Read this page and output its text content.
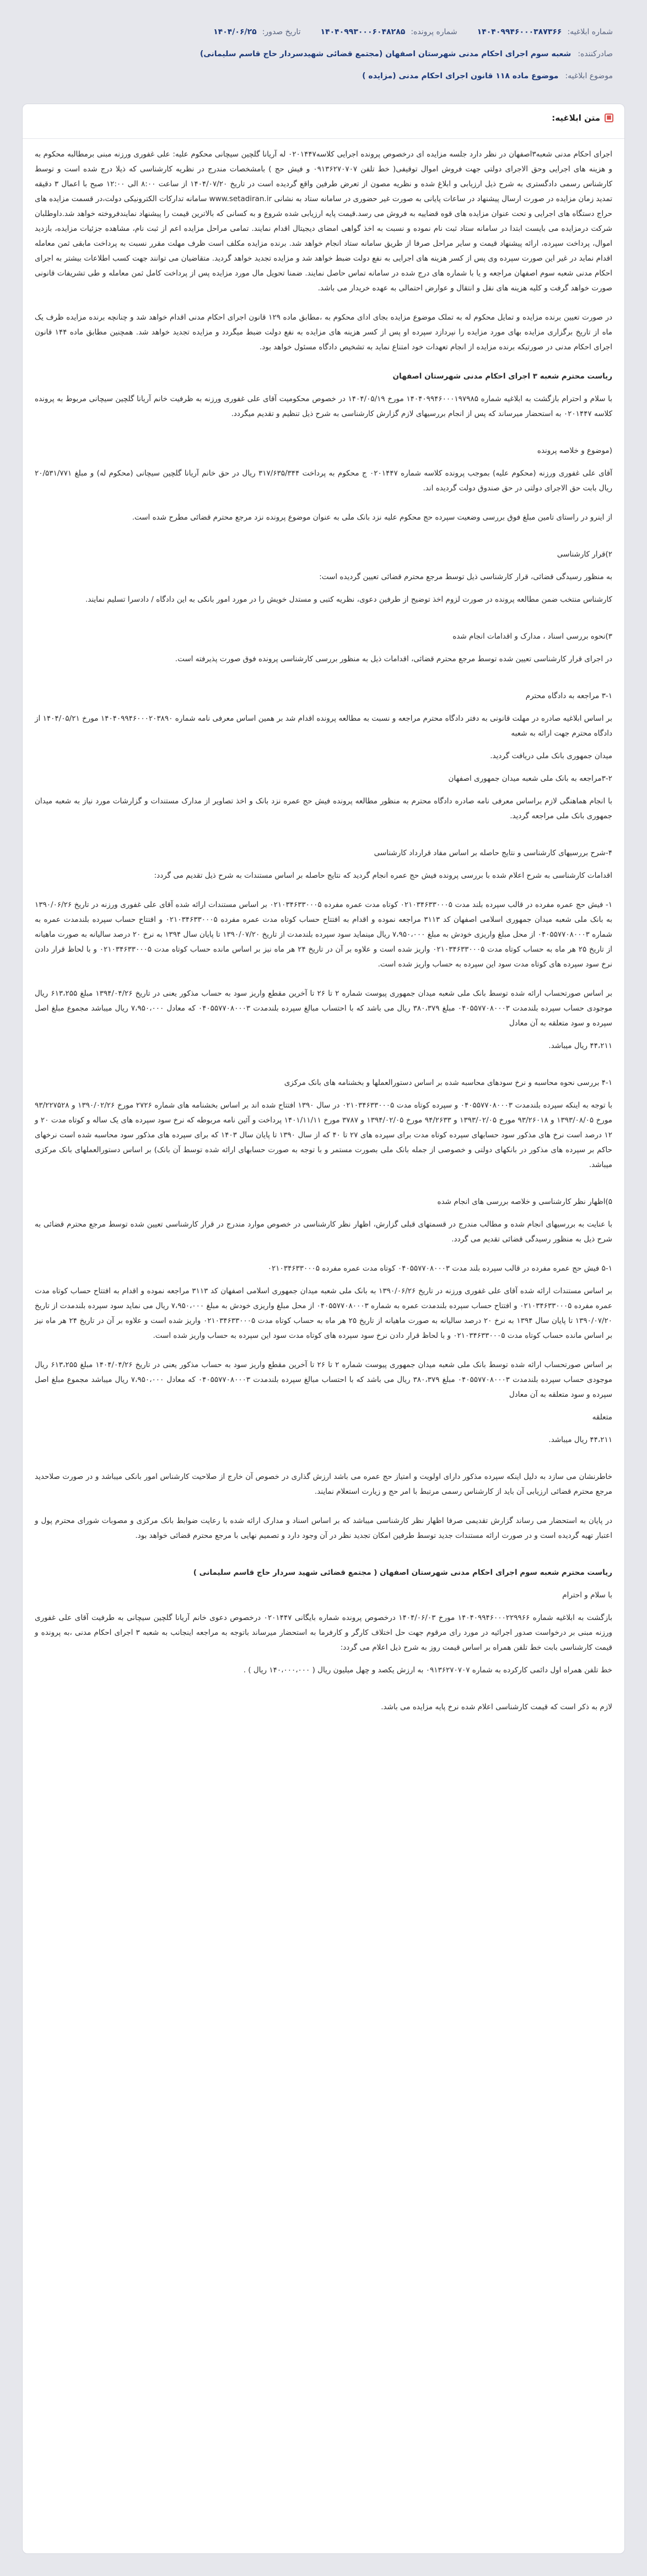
شماره ابلاغیه:
۱۴۰۴۰۹۹۴۶۰۰۰۳۸۷۳۶۶
شماره پرونده:
۱۴۰۴۰۹۹۳۰۰۰۶۰۴۸۲۸۵
تاریخ صدور:
۱۴۰۴/۰۶/۲۵
صادرکننده:
شعبه سوم اجرای احکام مدنی شهرستان اصفهان (مجتمع قضائی شهیدسردار حاج قاسم سلیمانی)
موضوع ابلاغیه:
موضوع ماده ۱۱۸ قانون اجرای احکام مدنی (مزایده )
■
متن ابلاغیه:

اجرای احکام مدنی شعبه۳اصفهان در نظر دارد جلسه مزایده ای درخصوص پرونده اجرایی کلاسه۰۲۰۱۴۴۷ له آریانا گلچین سیچانی محکوم علیه: علی غفوری ورزنه مبنی برمطالبه محکوم به و هزینه های اجرایی وحق الاجرای دولتی جهت فروش اموال توقیفی( خط تلفن ۰۹۱۳۶۲۷۰۷۰۷ و فیش حج ) بامشخصات مندرج در نظریه کارشناسی که ذیلا درج شده است و توسط کارشناس رسمی دادگستری به شرح ذیل ارزیابی و ابلاغ شده و نظریه مصون از تعرض طرفین واقع گردیده است در تاریخ ۱۴۰۴/۰۷/۲۰ از ساعت ۸:۰۰ الی ۱۲:۰۰ صبح با اعمال ۳ دقیقه تمدید زمان مزایده در صورت ارسال پیشنهاد در ساعات پایانی به صورت غیر حضوری در سامانه ستاد به نشانی www.setadiran.ir سامانه تدارکات الکترونیکی دولت،در قسمت مزایده های حراج دستگاه های اجرایی و تحت عنوان مزایده های قوه قضاییه به فروش می رسد.قیمت پایه ارزیابی شده شروع و به کسانی که بالاترین قیمت را پیشنهاد نمایندفروخته خواهد شد.داوطلبان شرکت درمزایده می بایست ابتدا در سامانه ستاد ثبت نام نموده و نسبت به اخذ گواهی امضای دیجیتال اقدام نمایند. تمامی مراحل مزایده اعم از ثبت نام، مشاهده جزئیات مزایده، بازدید اموال، پرداخت سپرده، ارائه پیشنهاد قیمت و سایر مراحل صرفا از طریق سامانه ستاد انجام خواهد شد. برنده مزایده مکلف است ظرف مهلت مقرر نسبت به پرداخت مابقی ثمن معامله اقدام نماید در غیر این صورت سپرده وی پس از کسر هزینه های اجرایی به نفع دولت ضبط خواهد شد و مزایده تجدید خواهد گردید. متقاضیان می توانند جهت کسب اطلاعات بیشتر به اجرای احکام مدنی شعبه سوم اصفهان مراجعه و یا با شماره های درج شده در سامانه تماس حاصل نمایند. ضمنا تحویل مال مورد مزایده پس از پرداخت کامل ثمن معامله و طی تشریفات قانونی صورت خواهد گرفت و کلیه هزینه های نقل و انتقال و عوارض احتمالی به عهده خریدار می باشد.

در صورت تعیین برنده مزایده و تمایل محکوم له به تملک موضوع مزایده بجای ادای محکوم به ،مطابق ماده ۱۲۹ قانون اجرای احکام مدنی اقدام خواهد شد و چنانچه برنده مزایده ظرف یک ماه از تاریخ برگزاری مزایده بهای مورد مزایده را نپردازد سپرده او پس از کسر هزینه های مزایده به نفع دولت ضبط میگردد و مزایده تجدید خواهد شد. همچنین مطابق ماده ۱۴۴ قانون اجرای احکام مدنی در صورتیکه برنده مزایده از انجام تعهدات خود امتناع نماید به تشخیص دادگاه مسئول خواهد بود.

ریاست محترم شعبه ۳ اجرای احکام مدنی شهرستان اصفهان

با سلام و احترام بازگشت به ابلاغیه شماره ۱۴۰۴۰۹۹۴۶۰۰۰۱۹۷۹۸۵ مورخ ۱۴۰۴/۰۵/۱۹ در خصوص محکومیت آقای علی غفوری ورزنه به ظرفیت خانم آریانا گلچین سیچانی مربوط به پرونده کلاسه ۰۲۰۱۴۴۷ به استحضار میرساند که پس از انجام بررسیهای لازم گزارش کارشناسی به شرح ذیل تنظیم و تقدیم میگردد.

(موضوع و خلاصه پرونده

آقای علی غفوری ورزنه (محکوم علیه) بموجب پرونده کلاسه شماره ۰۲۰۱۴۴۷ ج محکوم به پرداخت ۳۱۷/۶۳۵/۳۴۴ ریال در حق خانم آریانا گلچین سیچانی (محکوم له) و مبلغ ۲۰/۵۳۱/۷۷۱ ریال بابت حق الاجرای دولتی در حق صندوق دولت گردیده اند.

از اینرو در راستای تامین مبلغ فوق بررسی وضعیت سپرده حج محکوم علیه نزد بانک ملی به عنوان موضوع پرونده نزد مرجع محترم قضائی مطرح شده است.

۲)قرار کارشناسی

به منظور رسیدگی قضائی، قرار کارشناسی ذیل توسط مرجع محترم قضائی تعیین گردیده است:

کارشناس منتخب ضمن مطالعه پرونده در صورت لزوم اخذ توضیح از طرفین دعوی، نظریه کتبی و مستدل خویش را در مورد امور بانکی به این دادگاه / دادسرا تسلیم نمایند.

۳)نحوه بررسی اسناد ، مدارک و اقدامات انجام شده

در اجرای قرار کارشناسی تعیین شده توسط مرجع محترم قضائی، اقدامات ذیل به منظور بررسی کارشناسی پرونده فوق صورت پذیرفته است.

۳-۱ مراجعه به دادگاه محترم

بر اساس ابلاغیه صادره در مهلت قانونی به دفتر دادگاه محترم مراجعه و نسبت به مطالعه پرونده اقدام شد بر همین اساس معرفی نامه شماره ۱۴۰۴۰۹۹۴۶۰۰۰۲۰۳۸۹۰ مورخ ۱۴۰۴/۰۵/۲۱ از دادگاه محترم جهت ارائه به شعبه

میدان جمهوری بانک ملی دریافت گردید.

۳-۲مراجعه به بانک ملی شعبه میدان جمهوری اصفهان

با انجام هماهنگی لازم براساس معرفی نامه صادره دادگاه محترم به منظور مطالعه پرونده فیش حج عمره نزد بانک و اخذ تصاویر از مدارک مستندات و گزارشات مورد نیاز به شعبه میدان جمهوری بانک ملی مراجعه گردید.

۴-شرح بررسیهای کارشناسی و نتایج حاصله بر اساس مفاد قرارداد کارشناسی

اقدامات کارشناسی به شرح اعلام شده با بررسی پرونده فیش حج عمره انجام گردید که نتایج حاصله بر اساس مستندات به شرح ذیل تقدیم می گردد:

۱- فیش حج عمره مفرده در قالب سپرده بلند مدت ۰۲۱۰۳۴۶۳۳۰۰۰۵ کوتاه مدت عمره مفرده ۰۲۱۰۳۴۶۳۳۰۰۰۵ بر اساس مستندات ارائه شده آقای علی غفوری ورزنه در تاریخ ۱۳۹۰/۰۶/۲۶ به بانک ملی شعبه میدان جمهوری اسلامی اصفهان کد ۳۱۱۳ مراجعه نموده و اقدام به افتتاح حساب کوتاه مدت عمره مفرده ۰۲۱۰۳۴۶۳۳۰۰۰۵ و افتتاح حساب سپرده بلندمدت عمره به شماره ۰۴۰۵۵۷۷۰۸۰۰۰۳ از محل مبلغ واریزی خودش به مبلغ ۷،۹۵۰،۰۰۰ ریال مینماید سود سپرده بلندمدت از تاریخ ۱۳۹۰/۰۷/۲۰ تا پایان سال ۱۳۹۴ به نرخ ۲۰ درصد سالیانه به صورت ماهیانه از تاریخ ۲۵ هر ماه به حساب کوتاه مدت ۰۲۱۰۳۴۶۳۳۰۰۰۵ واریز شده است و علاوه بر آن در تاریخ ۲۴ هر ماه نیز بر اساس مانده حساب کوتاه مدت ۰۲۱۰۳۴۶۳۳۰۰۰۵ و با لحاظ قرار دادن نرخ سود سپرده های کوتاه مدت سود این سپرده به حساب واریز شده است.

بر اساس صورتحساب ارائه شده توسط بانک ملی شعبه میدان جمهوری پیوست شماره ۲ تا ۲۶ تا آخرین مقطع واریز سود به حساب مذکور یعنی در تاریخ ۱۳۹۴/۰۴/۲۶ مبلغ ۶۱۳،۲۵۵ ریال موجودی حساب سپرده بلندمدت ۰۴۰۵۵۷۷۰۸۰۰۰۳ مبلغ ۳۸۰،۳۷۹ ریال می باشد که با احتساب مبالغ سپرده بلندمدت ۰۴۰۵۵۷۷۰۸۰۰۰۳ که معادل ۷،۹۵۰،۰۰۰ ریال میباشد مجموع مبلغ اصل سپرده و سود متعلقه به آن معادل

۴۴،۲۱۱ ریال میباشد.

۴-۱ بررسی نحوه محاسبه و نرخ سودهای محاسبه شده بر اساس دستورالعملها و بخشنامه های بانک مرکزی

با توجه به اینکه سپرده بلندمدت ۰۴۰۵۵۷۷۰۸۰۰۰۳ و سپرده کوتاه مدت ۰۲۱۰۳۴۶۳۳۰۰۰۵ در سال ۱۳۹۰ افتتاح شده اند بر اساس بخشنامه های شماره ۲۷۲۶ مورخ ۱۳۹۰/۰۲/۲۶ و ۹۳/۲۲۷۵۲۸ مورخ ۱۳۹۳/۰۸/۰۵ و ۹۳/۲۶۰۱۸ مورخ ۱۳۹۳/۰۲/۰۵ و ۹۴/۲۶۳۳ مورخ ۱۳۹۴/۰۲/۰۵ و ۳۷۸۷ مورخ ۱۴۰۱/۱۱/۱۱ پرداخت و آئین نامه مربوطه که نرخ سود سپرده های یک ساله و کوتاه مدت ۲۰ و ۱۲ درصد است نرخ های مذکور سود حسابهای سپرده کوتاه مدت برای سپرده های ۲۷ تا ۴۰ که از سال ۱۳۹۰ تا پایان سال ۱۴۰۳ که برای سپرده های مذکور سود محاسبه شده است نرخهای حاکم بر سپرده های مذکور در بانکهای دولتی و خصوصی از جمله بانک ملی بصورت مستمر و با توجه به صورت حسابهای ارائه شده توسط آن بانک) بر اساس دستورالعملهای بانک مرکزی میباشد.

۵)اظهار نظر کارشناسی و خلاصه بررسی های انجام شده

با عنایت به بررسیهای انجام شده و مطالب مندرج در قسمتهای قبلی گزارش، اظهار نظر کارشناسی در خصوص موارد مندرج در قرار کارشناسی تعیین شده توسط مرجع محترم قضائی به شرح ذیل به منظور رسیدگی قضائی تقدیم می گردد.

۵-۱ فیش حج عمره مفرده در قالب سپرده بلند مدت ۰۴۰۵۵۷۷۰۸۰۰۰۳ کوتاه مدت عمره مفرده ۰۲۱۰۳۴۶۳۳۰۰۰۵

بر اساس مستندات ارائه شده آقای علی غفوری ورزنه در تاریخ ۱۳۹۰/۰۶/۲۶ به بانک ملی شعبه میدان جمهوری اسلامی اصفهان کد ۳۱۱۳ مراجعه نموده و اقدام به افتتاح حساب کوتاه مدت عمره مفرده ۰۲۱۰۳۴۶۳۳۰۰۰۵ و افتتاح حساب سپرده بلندمدت عمره به شماره ۰۴۰۵۵۷۷۰۸۰۰۰۳ از محل مبلغ واریزی خودش به مبلغ ۷،۹۵۰،۰۰۰ ریال می نماید سود سپرده بلندمدت از تاریخ ۱۳۹۰/۰۷/۲۰ تا پایان سال ۱۳۹۴ به نرخ ۲۰ درصد سالیانه به صورت ماهیانه از تاریخ ۲۵ هر ماه به حساب کوتاه مدت ۰۲۱۰۳۴۶۳۳۰۰۰۵ واریز شده است و علاوه بر آن در تاریخ ۲۴ هر ماه نیز بر اساس مانده حساب کوتاه مدت ۰۲۱۰۳۴۶۳۳۰۰۰۵ و با لحاظ قرار دادن نرخ سود سپرده های کوتاه مدت سود این سپرده به حساب واریز شده است.

بر اساس صورتحساب ارائه شده توسط بانک ملی شعبه میدان جمهوری پیوست شماره ۲ تا ۲۶ تا آخرین مقطع واریز سود به حساب مذکور یعنی در تاریخ ۱۴۰۴/۰۴/۲۶ مبلغ ۶۱۳،۲۵۵ ریال موجودی حساب سپرده بلندمدت ۰۴۰۵۵۷۷۰۸۰۰۰۳ مبلغ ۳۸۰،۳۷۹ ریال می باشد که با احتساب مبالغ سپرده بلندمدت ۰۴۰۵۵۷۷۰۸۰۰۰۳ که معادل ۷،۹۵۰،۰۰۰ ریال میباشد مجموع مبلغ اصل سپرده و سود متعلقه به آن معادل

متعلقه

۴۴،۲۱۱ ریال میباشد.

خاطرنشان می سازد به دلیل اینکه سپرده مذکور دارای اولویت و امتیاز حج عمره می باشد ارزش گذاری در خصوص آن خارج از صلاحیت کارشناس امور بانکی میباشد و در صورت صلاحدید مرجع محترم قضائی ارزیابی آن باید از کارشناس رسمی مرتبط با امر حج و زیارت استعلام نمایند.

در پایان به استحضار می رساند گزارش تقدیمی صرفا اظهار نظر کارشناسی میباشد که بر اساس اسناد و مدارک ارائه شده با رعایت ضوابط بانک مرکزی و مصوبات شورای محترم پول و اعتبار تهیه گردیده است و در صورت ارائه مستندات جدید توسط طرفین امکان تجدید نظر در آن وجود دارد و تصمیم نهایی با مرجع محترم قضائی خواهد بود.

ریاست محترم شعبه سوم اجرای احکام مدنی شهرستان اصفهان ( مجتمع قضائی شهید سردار حاج قاسم سلیمانی )

با سلام و احترام

بازگشت به ابلاغیه شماره ۱۴۰۴۰۹۹۴۶۰۰۰۲۲۹۹۶۶ مورخ ۱۴۰۴/۰۶/۰۳ درخصوص پرونده شماره بایگانی ۰۲۰۱۴۴۷ درخصوص دعوی خانم آریانا گلچین سیچانی به طرفیت آقای علی غفوری ورزنه مبنی بر درخواست صدور اجرائیه در مورد رای مرقوم جهت حل اختلاف کارگر و کارفرما به استحضار میرساند باتوجه به مراجعه اینجانب به شعبه ۳ اجرای احکام مدنی ،به پرونده و قیمت کارشناسی بابت خط تلفن همراه بر اساس قیمت روز به شرح ذیل اعلام می گردد:

خط تلفن همراه اول دائمی کارکرده به شماره ۰۹۱۳۶۲۷۰۷۰۷ به ارزش یکصد و چهل میلیون ریال ( ۱۴۰،۰۰۰،۰۰۰ ریال ) .

لازم به ذکر است که قیمت کارشناسی اعلام شده نرخ پایه مزایده می باشد.
